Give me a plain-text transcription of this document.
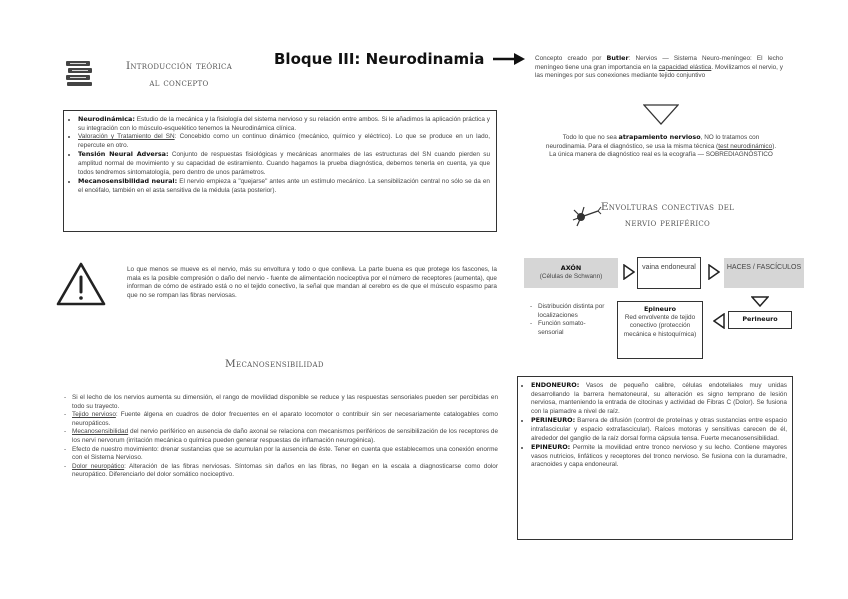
Introducción teórica al concepto
Bloque III: Neurodinamia	Concepto creado por Butler: Nervios — Sistema Neuro-meníngeo: El lecho meníngeo tiene una gran importancia en la capacidad elástica. Movilizamos el nervio, y las meninges por sus conexiones mediante tejido conjuntivo
Todo lo que no sea atrapamiento nervioso, NO lo tratamos con neurodinamia. Para el diagnóstico, se usa la misma técnica (test neurodinámico). La única manera de diagnóstico real es la ecografía — SOBREDIAGNÓSTICO
• Neurodinámica: Estudio de la mecánica y la fisiología del sistema nervioso y su relación entre ambos. Si le añadimos la aplicación práctica y su integración con lo músculo-esquelético tenemos la Neurodinámica clínica.
• Valoración y Tratamiento del SN: Concebido como un continuo dinámico (mecánico, químico y eléctrico). Lo que se produce en un lado, repercute en otro.
• Tensión Neural Adversa: Conjunto de respuestas fisiológicas y mecánicas anormales de las estructuras del SN cuando pierden su amplitud normal de movimiento y su capacidad de estiramiento. Cuando hagamos la prueba diagnóstica, debemos tenerla en cuenta, ya que todos tendremos sintomatología, pero dentro de unos parámetros.
• Mecanosensibilidad neural: El nervio empieza a "quejarse" antes ante un estímulo mecánico. La sensibilización central no sólo se da en el encéfalo, también en el asta sensitiva de la médula (asta posterior).
Envolturas conectivas del nervio periférico
Lo que menos se mueve es el nervio, más su envoltura y todo o que conlleva. La parte buena es que protege los fascones, la mala es la posible compresión o daño del nervio - fuente de alimentación nociceptiva por el número de receptores (aumenta), que informan de cómo de estirado está o no el tejido conectivo, la señal que mandan al cerebro es de que el músculo espasmo para que no se rompan las fibras nerviosas.
AXÓN
(Células de Schwann)
vaina endoneural	HACES / FASCÍCULOS
Perineuro
Epineuro
Red envolvente de tejido conectivo (protección mecánica e histoquímica)
- Distribución distinta por localizaciones
- Función somato-sensorial
Mecanosensibilidad
- Si el lecho de los nervios aumenta su dimensión, el rango de movilidad disponible se reduce y las respuestas sensoriales pueden ser percibidas en todo su trayecto.
- Tejido nervioso: Fuente álgena en cuadros de dolor frecuentes en el aparato locomotor o contribuir sin ser necesariamente catalogables como neuropáticos.
- Mecanosensibilidad del nervio periférico en ausencia de daño axonal se relaciona con mecanismos periféricos de sensibilización de los receptores de los nervi nervorum (irritación mecánica o química pueden generar respuestas de inflamación neurogénica).
- Efecto de nuestro movimiento: drenar sustancias que se acumulan por la ausencia de éste. Tener en cuenta que establecemos una conexión enorme con el Sistema Nervioso.
- Dolor neuropático: Alteración de las fibras nerviosas. Síntomas sin daños en las fibras, no llegan en la escala a diagnosticarse como dolor neuropático. Diferenciarlo del dolor somático nociceptivo.
• ENDONEURO: Vasos de pequeño calibre, células endoteliales muy unidas desarrollando la barrera hematoneural, su alteración es signo temprano de lesión nerviosa, manteniendo la entrada de citocinas y actividad de Fibras C (Dolor). Se fusiona con la piamadre a nivel de raíz.
• PERINEURO: Barrera de difusión (control de proteínas y otras sustancias entre espacio intrafascicular y espacio extrafascicular). Raíces motoras y sensitivas carecen de él, alrededor del ganglio de la raíz dorsal forma cápsula tensa. Fuerte mecanosensibilidad.
• EPINEURO: Permite la movilidad entre tronco nervioso y su lecho. Contiene mayores vasos nutricios, linfáticos y receptores del tronco nervioso. Se fusiona con la duramadre, aracnoides y capa endoneural.
